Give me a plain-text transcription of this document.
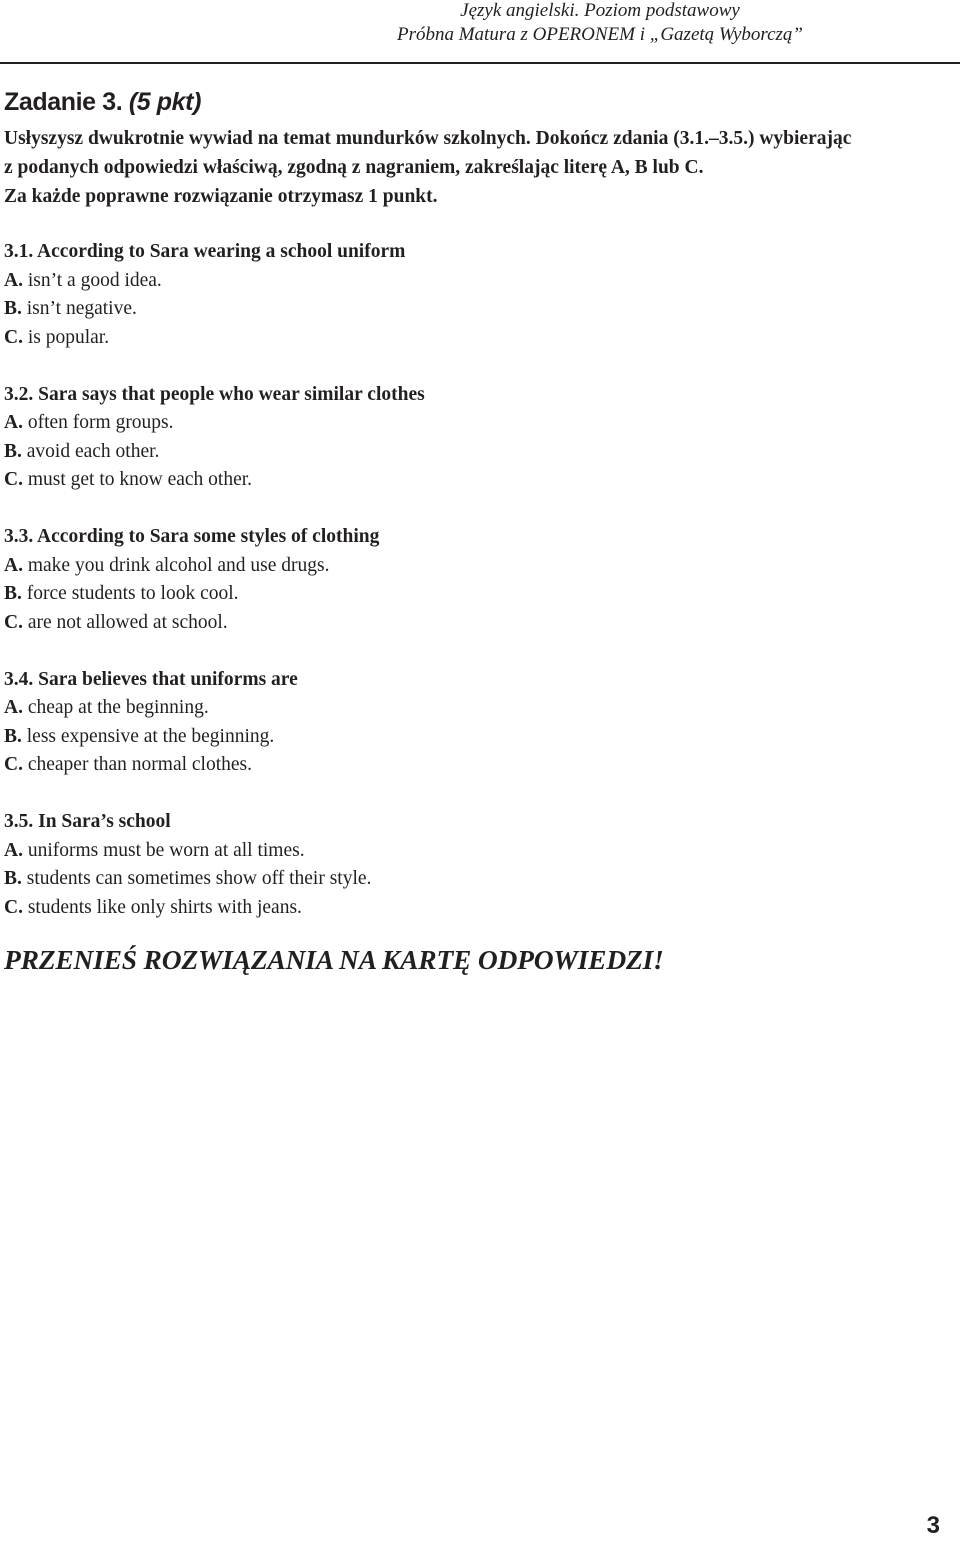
Język angielski. Poziom podstawowy
Próbna Matura z OPERONEM i „Gazetą Wyborczą”
Zadanie 3. (5 pkt)
Usłyszysz dwukrotnie wywiad na temat mundurków szkolnych. Dokończ zdania (3.1.–3.5.) wybierając
z podanych odpowiedzi właściwą, zgodną z nagraniem, zakreślając literę A, B lub C.
Za każde poprawne rozwiązanie otrzymasz 1 punkt.
3.1. According to Sara wearing a school uniform
A. isn’t a good idea.
B. isn’t negative.
C. is popular.
3.2. Sara says that people who wear similar clothes
A. often form groups.
B. avoid each other.
C. must get to know each other.
3.3. According to Sara some styles of clothing
A. make you drink alcohol and use drugs.
B. force students to look cool.
C. are not allowed at school.
3.4. Sara believes that uniforms are
A. cheap at the beginning.
B. less expensive at the beginning.
C. cheaper than normal clothes.
3.5. In Sara’s school
A. uniforms must be worn at all times.
B. students can sometimes show off their style.
C. students like only shirts with jeans.
PRZENIEŚ ROZWIĄZANIA NA KARTĘ ODPOWIEDZI!
3
